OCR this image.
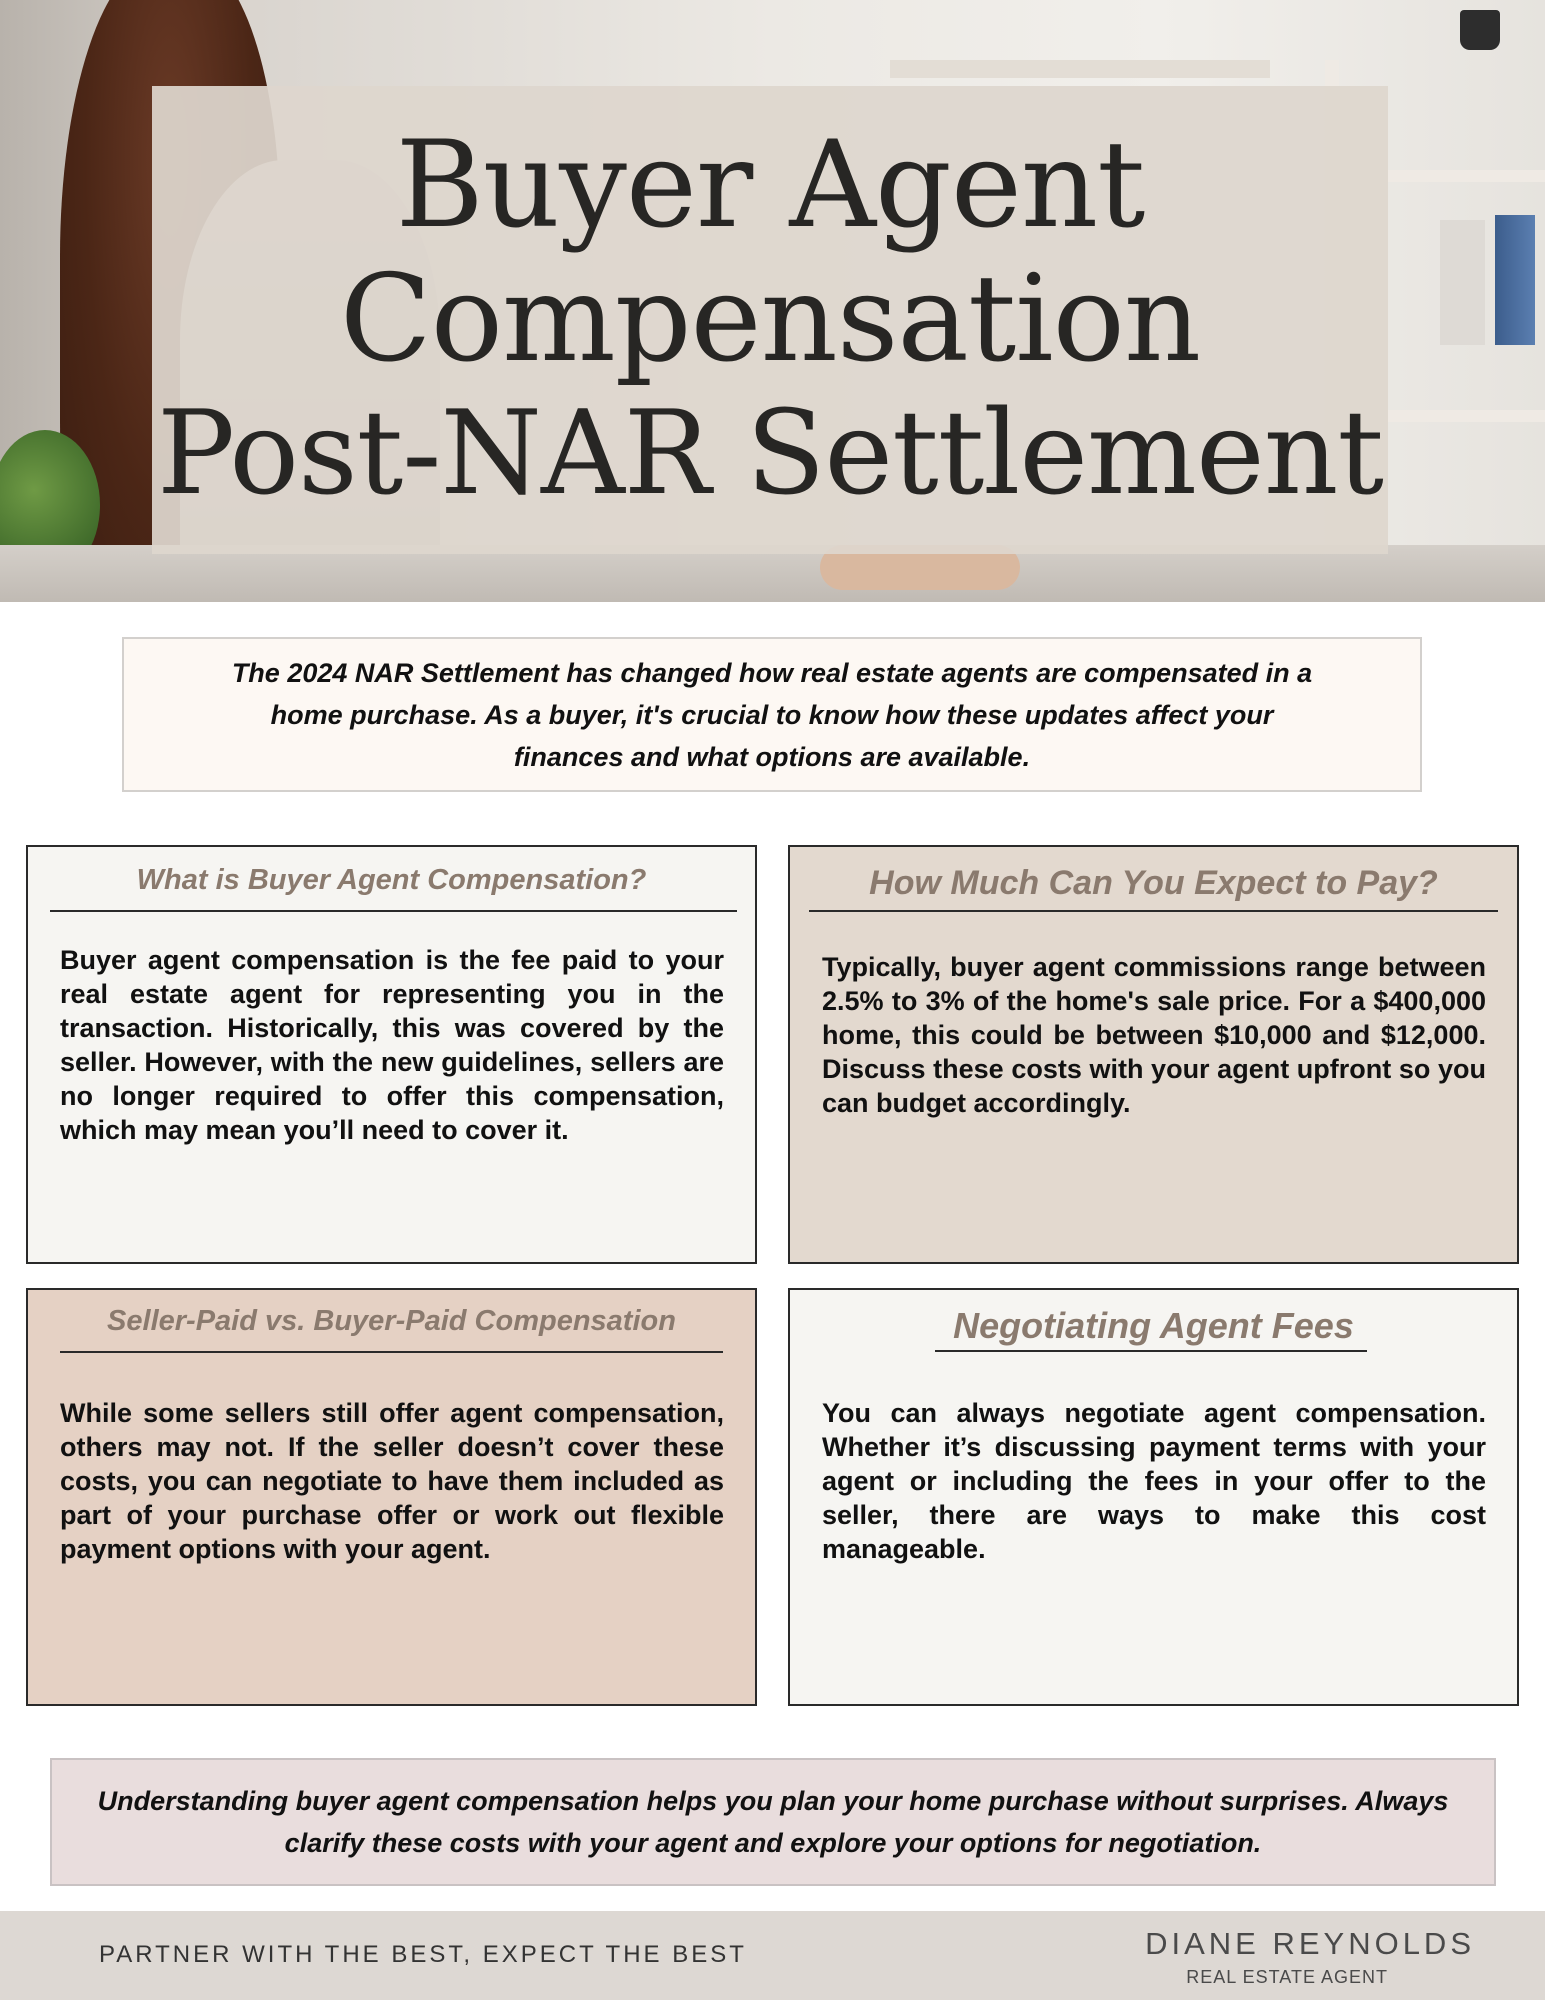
Buyer Agent
Compensation
Post-NAR Settlement
The 2024 NAR Settlement has changed how real estate agents are compensated in a home purchase. As a buyer, it's crucial to know how these updates affect your finances and what options are available.
What is Buyer Agent Compensation?
Buyer agent compensation is the fee paid to your real estate agent for representing you in the transaction. Historically, this was covered by the seller. However, with the new guidelines, sellers are no longer required to offer this compensation, which may mean you’ll need to cover it.
How Much Can You Expect to Pay?
Typically, buyer agent commissions range between 2.5% to 3% of the home's sale price. For a $400,000 home, this could be between $10,000 and $12,000. Discuss these costs with your agent upfront so you can budget accordingly.
Seller-Paid vs. Buyer-Paid Compensation
While some sellers still offer agent compensation, others may not. If the seller doesn’t cover these costs, you can negotiate to have them included as part of your purchase offer or work out flexible payment options with your agent.
Negotiating Agent Fees
You can always negotiate agent compensation. Whether it’s discussing payment terms with your agent or including the fees in your offer to the seller, there are ways to make this cost manageable.
Understanding buyer agent compensation helps you plan your home purchase without surprises. Always clarify these costs with your agent and explore your options for negotiation.
PARTNER WITH THE BEST, EXPECT THE BEST	DIANE REYNOLDS
REAL ESTATE AGENT
